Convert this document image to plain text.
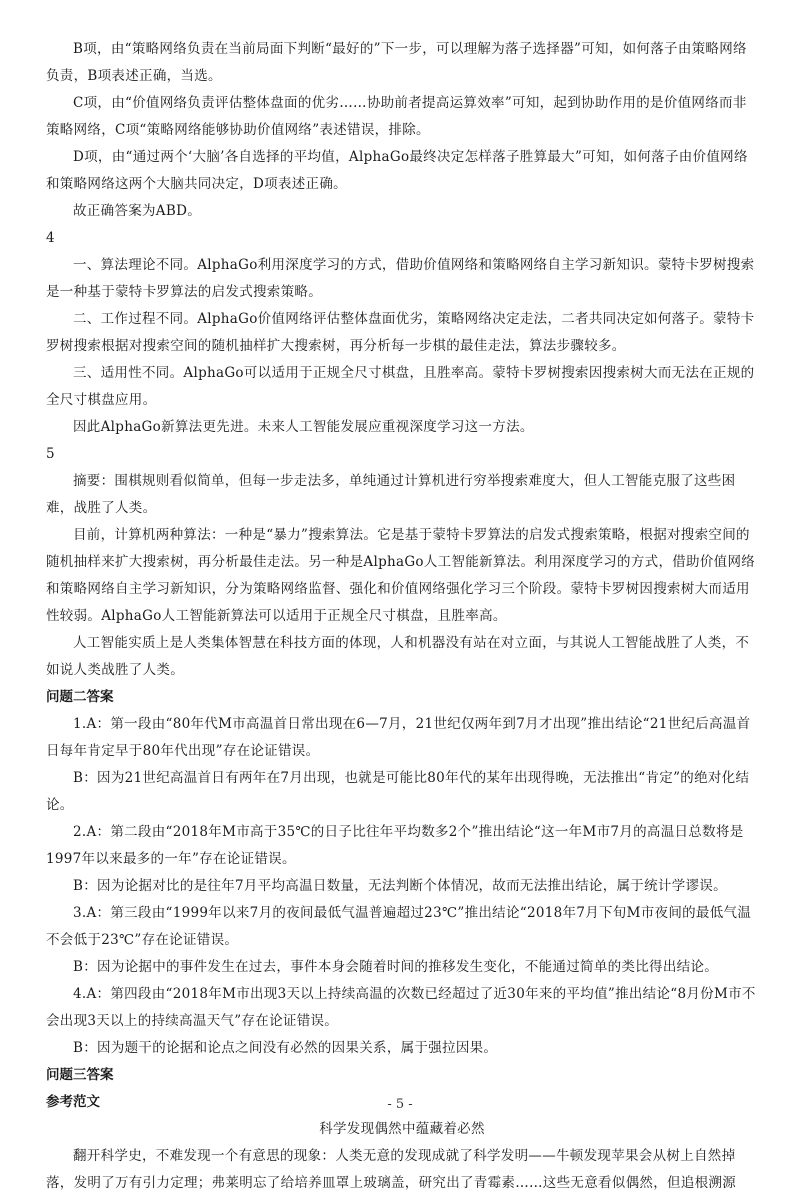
B项，由“策略网络负责在当前局面下判断“最好的”下一步，可以理解为落子选择器”可知，如何落子由策略网络负责，B项表述正确，当选。

C项，由“价值网络负责评估整体盘面的优劣……协助前者提高运算效率”可知，起到协助作用的是价值网络而非策略网络，C项“策略网络能够协助价值网络”表述错误，排除。

D项，由“通过两个‘大脑’各自选择的平均值，AlphaGo最终决定怎样落子胜算最大”可知，如何落子由价值网络和策略网络这两个大脑共同决定，D项表述正确。

故正确答案为ABD。

4

一、算法理论不同。AlphaGo利用深度学习的方式，借助价值网络和策略网络自主学习新知识。蒙特卡罗树搜索是一种基于蒙特卡罗算法的启发式搜索策略。

二、工作过程不同。AlphaGo价值网络评估整体盘面优劣，策略网络决定走法，二者共同决定如何落子。蒙特卡罗树搜索根据对搜索空间的随机抽样扩大搜索树，再分析每一步棋的最佳走法，算法步骤较多。

三、适用性不同。AlphaGo可以适用于正规全尺寸棋盘，且胜率高。蒙特卡罗树搜索因搜索树大而无法在正规的全尺寸棋盘应用。

因此AlphaGo新算法更先进。未来人工智能发展应重视深度学习这一方法。

5

摘要：围棋规则看似简单，但每一步走法多，单纯通过计算机进行穷举搜索难度大，但人工智能克服了这些困难，战胜了人类。

目前，计算机两种算法：一种是“暴力”搜索算法。它是基于蒙特卡罗算法的启发式搜索策略，根据对搜索空间的随机抽样来扩大搜索树，再分析最佳走法。另一种是AlphaGo人工智能新算法。利用深度学习的方式，借助价值网络和策略网络自主学习新知识，分为策略网络监督、强化和价值网络强化学习三个阶段。蒙特卡罗树因搜索树大而适用性较弱。AlphaGo人工智能新算法可以适用于正规全尺寸棋盘，且胜率高。

人工智能实质上是人类集体智慧在科技方面的体现，人和机器没有站在对立面，与其说人工智能战胜了人类，不如说人类战胜了人类。

问题二答案

1.A：第一段由“80年代M市高温首日常出现在6—7月，21世纪仅两年到7月才出现”推出结论“21世纪后高温首日每年肯定早于80年代出现”存在论证错误。

B：因为21世纪高温首日有两年在7月出现，也就是可能比80年代的某年出现得晚，无法推出“肯定”的绝对化结论。

2.A：第二段由“2018年M市高于35℃的日子比往年平均数多2个”推出结论“这一年M市7月的高温日总数将是1997年以来最多的一年”存在论证错误。

B：因为论据对比的是往年7月平均高温日数量，无法判断个体情况，故而无法推出结论，属于统计学谬误。

3.A：第三段由“1999年以来7月的夜间最低气温普遍超过23℃”推出结论“2018年7月下旬M市夜间的最低气温不会低于23℃”存在论证错误。

B：因为论据中的事件发生在过去，事件本身会随着时间的推移发生变化，不能通过简单的类比得出结论。

4.A：第四段由“2018年M市出现3天以上持续高温的次数已经超过了近30年来的平均值”推出结论“8月份M市不会出现3天以上的持续高温天气”存在论证错误。

B：因为题干的论据和论点之间没有必然的因果关系，属于强拉因果。

问题三答案

参考范文

科学发现偶然中蕴藏着必然

翻开科学史，不难发现一个有意思的现象：人类无意的发现成就了科学发明——牛顿发现苹果会从树上自然掉落，发明了万有引力定理；弗莱明忘了给培养皿罩上玻璃盖，研究出了青霉素……这些无意看似偶然，但追根溯源

- 5 -
